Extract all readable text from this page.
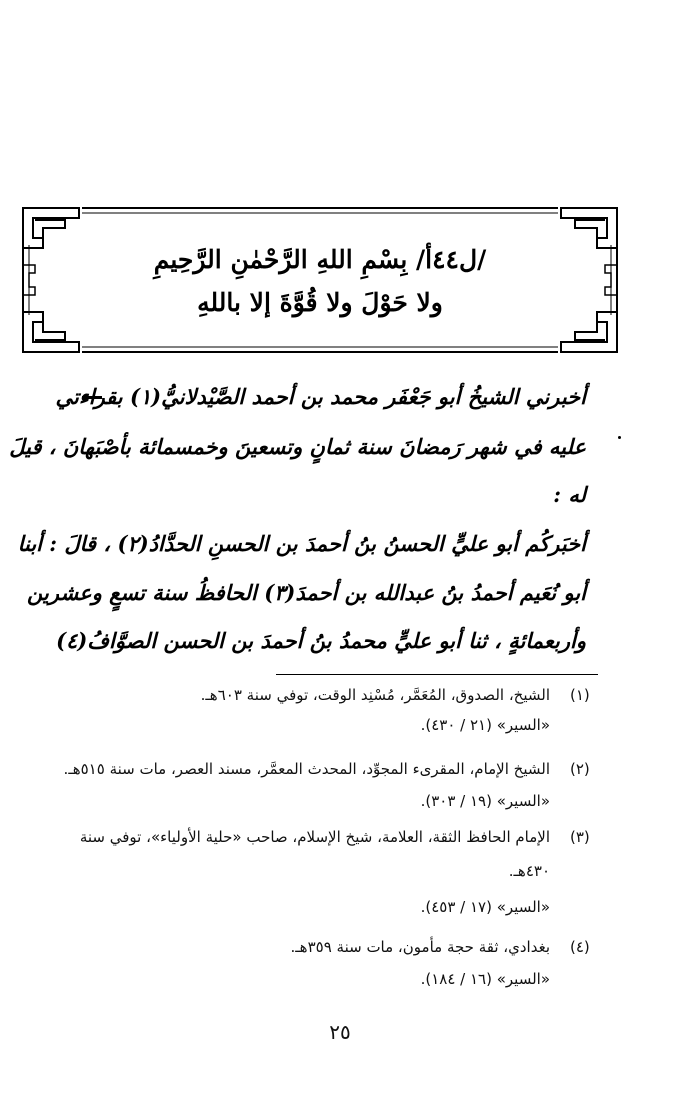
/ل٤٤أ/ بِسْمِ اللهِ الرَّحْمٰنِ الرَّحِيمِ
ولا حَوْلَ ولا قُوَّةَ إلا باللهِ
أخبرني الشيخُ أبو جَعْفَر محمد بن أحمد الصَّيْدلانيُّ(١) بقراءتي
عليه في شهر رَمضانَ سنة ثمانٍ وتسعينَ وخمسمائة بأصْبَهانَ ، قيلَ
له :
أخبَركُم أبو عليٍّ الحسنُ بنُ أحمدَ بن الحسنِ الحدَّادُ(٢) ، قالَ : أبنا
أبو نُعَيم أحمدُ بنُ عبدالله بن أحمدَ(٣) الحافظُ سنة تسعٍ وعشرين
وأربعمائةٍ ، ثنا أبو عليٍّ محمدُ بنُ أحمدَ بن الحسن الصوَّافُ(٤)
(١)
الشيخ، الصدوق، المُعَمَّر، مُسْنِد الوقت، توفي سنة ٦٠٣هـ.
«السير» (٢١ / ٤٣٠).
(٢)
الشيخ الإمام، المقرىء المجوِّد، المحدث المعمَّر، مسند العصر، مات سنة ٥١٥هـ.
«السير» (١٩ / ٣٠٣).
(٣)
الإمام الحافظ الثقة، العلامة، شيخ الإسلام، صاحب «حلية الأولياء»، توفي سنة
٤٣٠هـ.
«السير» (١٧ / ٤٥٣).
(٤)
بغدادي، ثقة حجة مأمون، مات سنة ٣٥٩هـ.
«السير» (١٦ / ١٨٤).
٢٥
